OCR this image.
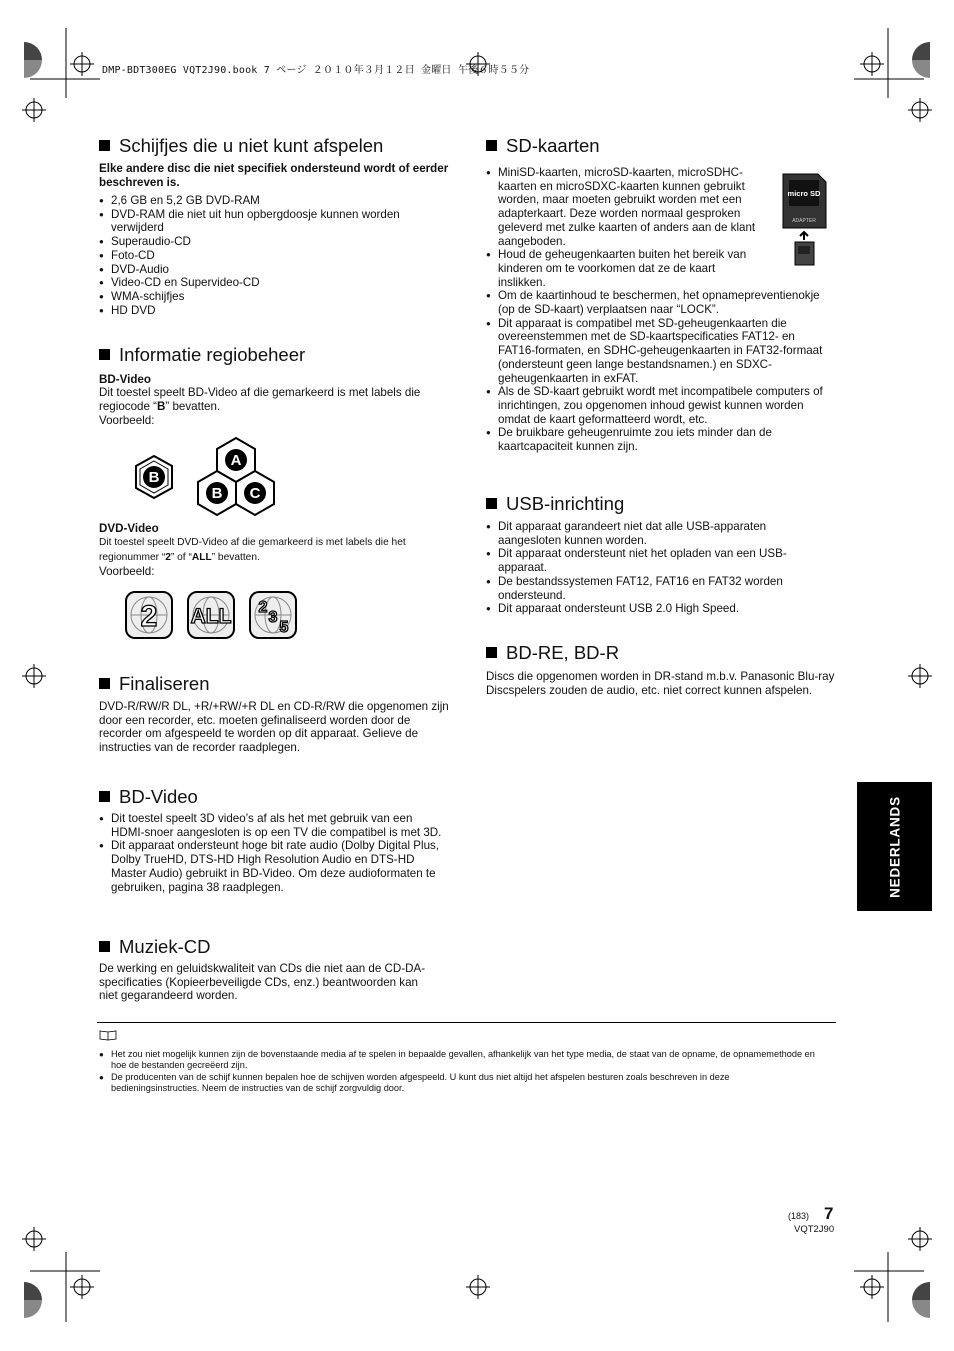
DMP-BDT300EG VQT2J90.book 7 ページ ２０１０年３月１２日 金曜日 午後６時５５分
Schijfjes die u niet kunt afspelen
Elke andere disc die niet specifiek ondersteund wordt of eerder beschreven is.
● 2,6 GB en 5,2 GB DVD-RAM
● DVD-RAM die niet uit hun opbergdoosje kunnen worden verwijderd
● Superaudio-CD
● Foto-CD
● DVD-Audio
● Video-CD en Supervideo-CD
● WMA-schijfjes
● HD DVD
Informatie regiobeheer
BD-Video
Dit toestel speelt BD-Video af die gemarkeerd is met labels die regiocode “B” bevatten.
Voorbeeld:
B
A
B C
DVD-Video
Dit toestel speelt DVD-Video af die gemarkeerd is met labels die het regionummer “2” of “ALL” bevatten.
Voorbeeld:
2 ALL 2
3
5
Finaliseren
DVD-R/RW/R DL, +R/+RW/+R DL en CD-R/RW die opgenomen zijn door een recorder, etc. moeten gefinaliseerd worden door de recorder om afgespeeld te worden op dit apparaat. Gelieve de instructies van de recorder raadplegen.
BD-Video
● Dit toestel speelt 3D video’s af als het met gebruik van een HDMI-snoer aangesloten is op een TV die compatibel is met 3D.
● Dit apparaat ondersteunt hoge bit rate audio (Dolby Digital Plus, Dolby TrueHD, DTS-HD High Resolution Audio en DTS-HD Master Audio) gebruikt in BD-Video. Om deze audioformaten te gebruiken, pagina 38 raadplegen.
Muziek-CD
De werking en geluidskwaliteit van CDs die niet aan de CD-DA-specificaties (Kopieerbeveiligde CDs, enz.) beantwoorden kan niet gegarandeerd worden.
SD-kaarten
micro SD
ADAPTER
● MiniSD-kaarten, microSD-kaarten, microSDHC-kaarten en microSDXC-kaarten kunnen gebruikt worden, maar moeten gebruikt worden met een adapterkaart. Deze worden normaal gesproken geleverd met zulke kaarten of anders aan de klant aangeboden.
● Houd de geheugenkaarten buiten het bereik van kinderen om te voorkomen dat ze de kaart inslikken.
● Om de kaartinhoud te beschermen, het opnamepreventienokje (op de SD-kaart) verplaatsen naar “LOCK”.
● Dit apparaat is compatibel met SD-geheugenkaarten die overeenstemmen met de SD-kaartspecificaties FAT12- en FAT16-formaten, en SDHC-geheugenkaarten in FAT32-formaat (ondersteunt geen lange bestandsnamen.) en SDXC-geheugenkaarten in exFAT.
● Als de SD-kaart gebruikt wordt met incompatibele computers of inrichtingen, zou opgenomen inhoud gewist kunnen worden omdat de kaart geformatteerd wordt, etc.
● De bruikbare geheugenruimte zou iets minder dan de kaartcapaciteit kunnen zijn.
USB-inrichting
● Dit apparaat garandeert niet dat alle USB-apparaten aangesloten kunnen worden.
● Dit apparaat ondersteunt niet het opladen van een USB-apparaat.
● De bestandssystemen FAT12, FAT16 en FAT32 worden ondersteund.
● Dit apparaat ondersteunt USB 2.0 High Speed.
BD-RE, BD-R
Discs die opgenomen worden in DR-stand m.b.v. Panasonic Blu-ray Discspelers zouden de audio, etc. niet correct kunnen afspelen.
NEDERLANDS
● Het zou niet mogelijk kunnen zijn de bovenstaande media af te spelen in bepaalde gevallen, afhankelijk van het type media, de staat van de opname, de opnamemethode en hoe de bestanden gecreëerd zijn.
● De producenten van de schijf kunnen bepalen hoe de schijven worden afgespeeld. U kunt dus niet altijd het afspelen besturen zoals beschreven in deze bedieningsinstructies. Neem de instructies van de schijf zorgvuldig door.
(183) 7
VQT2J90
